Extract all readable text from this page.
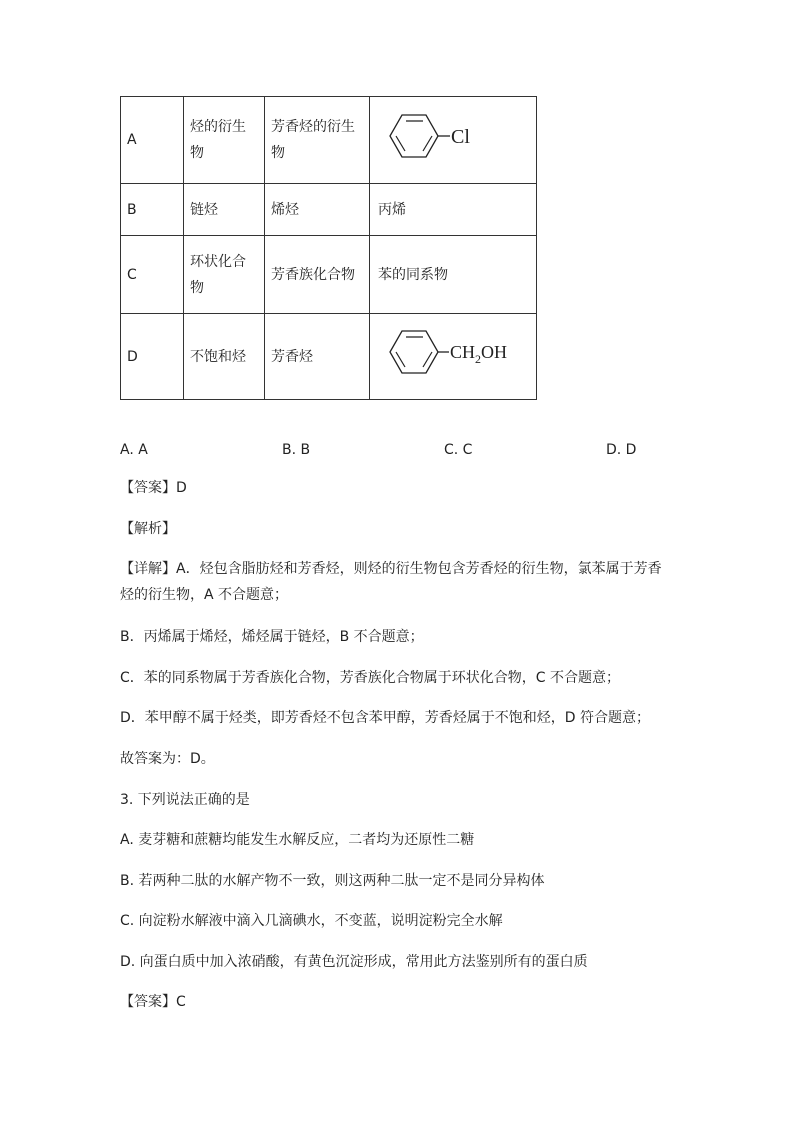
A	烃的衍生物	芳香烃的衍生物	Cl

B	链烃	烯烃	丙烯
C	环状化合物	芳香族化合物	苯的同系物
D	不饱和烃	芳香烃	$CH_2OH$
A. A	B. B	C. C	D. D
【答案】D
【解析】
【详解】A．烃包含脂肪烃和芳香烃，则烃的衍生物包含芳香烃的衍生物，氯苯属于芳香烃的衍生物，A 不合题意；
B．丙烯属于烯烃，烯烃属于链烃，B 不合题意；
C．苯的同系物属于芳香族化合物，芳香族化合物属于环状化合物，C 不合题意；
D．苯甲醇不属于烃类，即芳香烃不包含苯甲醇，芳香烃属于不饱和烃，D 符合题意；
故答案为：D。
3. 下列说法正确的是
A. 麦芽糖和蔗糖均能发生水解反应，二者均为还原性二糖
B. 若两种二肽的水解产物不一致，则这两种二肽一定不是同分异构体
C. 向淀粉水解液中滴入几滴碘水，不变蓝，说明淀粉完全水解
D. 向蛋白质中加入浓硝酸，有黄色沉淀形成，常用此方法鉴别所有的蛋白质
【答案】C
